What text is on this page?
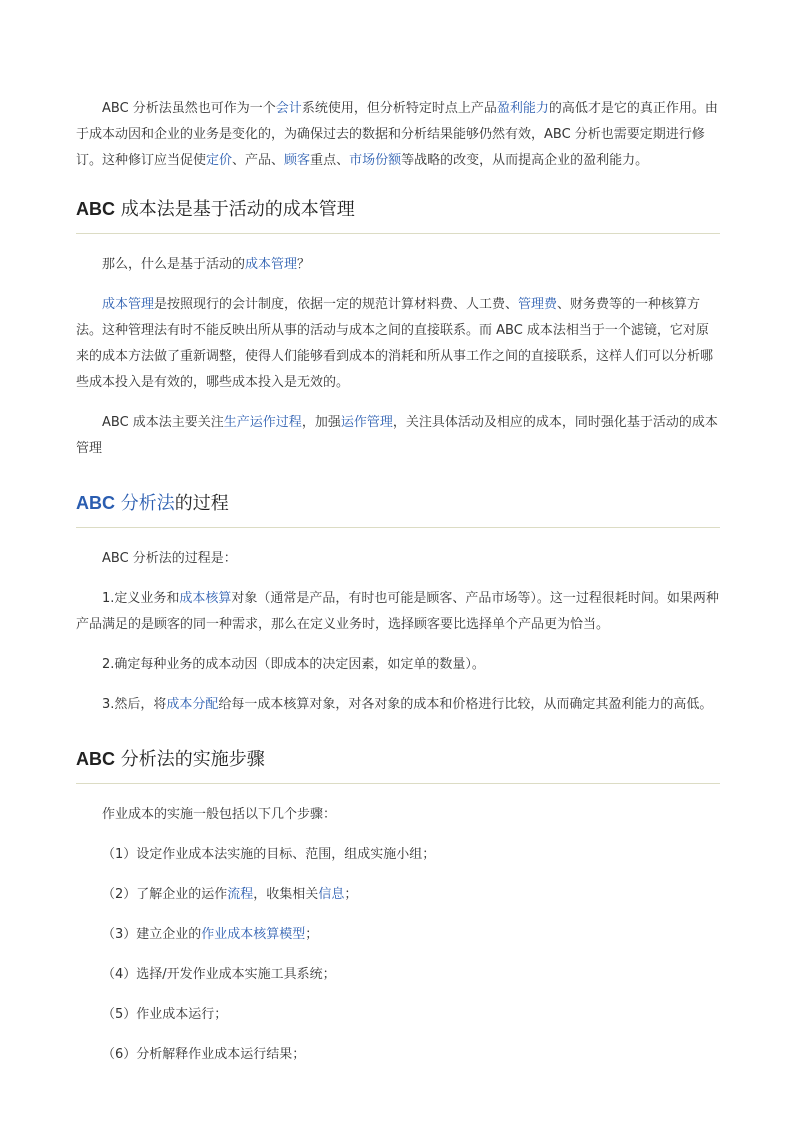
ABC 分析法虽然也可作为一个会计系统使用，但分析特定时点上产品盈利能力的高低才是它的真正作用。由于成本动因和企业的业务是变化的，为确保过去的数据和分析结果能够仍然有效，ABC 分析也需要定期进行修订。这种修订应当促使定价、产品、顾客重点、市场份额等战略的改变，从而提高企业的盈利能力。

ABC 成本法是基于活动的成本管理

那么，什么是基于活动的成本管理？

成本管理是按照现行的会计制度，依据一定的规范计算材料费、人工费、管理费、财务费等的一种核算方法。这种管理法有时不能反映出所从事的活动与成本之间的直接联系。而 ABC 成本法相当于一个滤镜，它对原来的成本方法做了重新调整，使得人们能够看到成本的消耗和所从事工作之间的直接联系，这样人们可以分析哪些成本投入是有效的，哪些成本投入是无效的。

ABC 成本法主要关注生产运作过程，加强运作管理，关注具体活动及相应的成本，同时强化基于活动的成本管理

ABC 分析法的过程

ABC 分析法的过程是：

1.定义业务和成本核算对象（通常是产品，有时也可能是顾客、产品市场等）。这一过程很耗时间。如果两种产品满足的是顾客的同一种需求，那么在定义业务时，选择顾客要比选择单个产品更为恰当。

2.确定每种业务的成本动因（即成本的决定因素，如定单的数量）。

3.然后，将成本分配给每一成本核算对象，对各对象的成本和价格进行比较，从而确定其盈利能力的高低。

ABC 分析法的实施步骤

作业成本的实施一般包括以下几个步骤：

（1）设定作业成本法实施的目标、范围，组成实施小组；

（2）了解企业的运作流程，收集相关信息；

（3）建立企业的作业成本核算模型；

（4）选择/开发作业成本实施工具系统；

（5）作业成本运行；

（6）分析解释作业成本运行结果；
